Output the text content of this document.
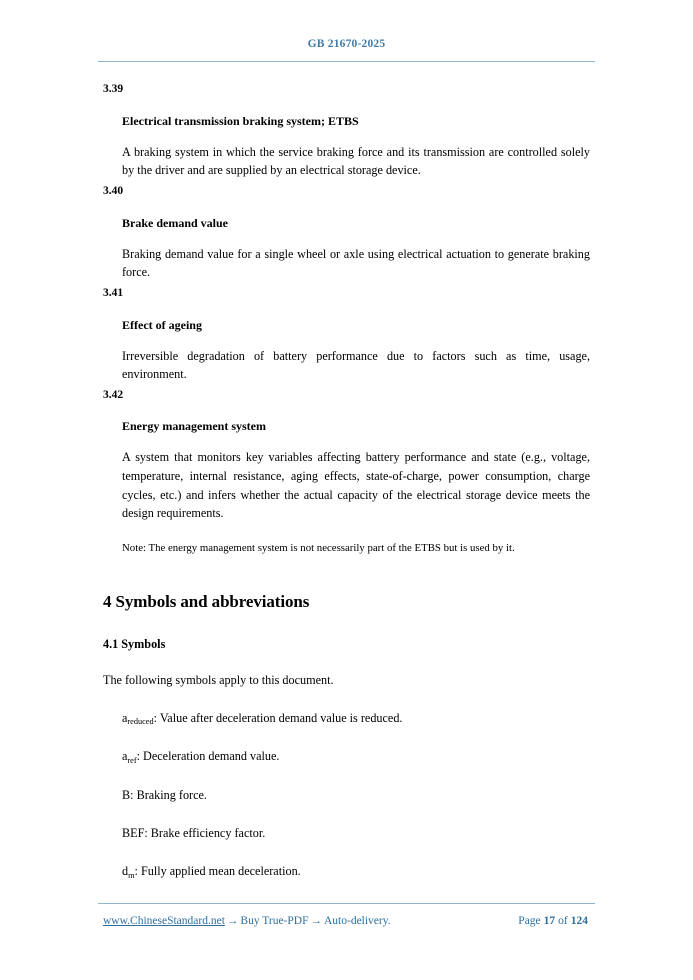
GB 21670-2025
3.39
Electrical transmission braking system; ETBS
A braking system in which the service braking force and its transmission are controlled solely by the driver and are supplied by an electrical storage device.
3.40
Brake demand value
Braking demand value for a single wheel or axle using electrical actuation to generate braking force.
3.41
Effect of ageing
Irreversible degradation of battery performance due to factors such as time, usage, environment.
3.42
Energy management system
A system that monitors key variables affecting battery performance and state (e.g., voltage, temperature, internal resistance, aging effects, state-of-charge, power consumption, charge cycles, etc.) and infers whether the actual capacity of the electrical storage device meets the design requirements.
Note: The energy management system is not necessarily part of the ETBS but is used by it.
4 Symbols and abbreviations
4.1 Symbols

The following symbols apply to this document.

$a_{reduced}$: Value after deceleration demand value is reduced.
$a_{ref}$: Deceleration demand value.
B: Braking force.
BEF: Brake efficiency factor.
$d_m$: Fully applied mean deceleration.
www.ChineseStandard.net → Buy True-PDF → Auto-delivery.	Page 17 of 124
